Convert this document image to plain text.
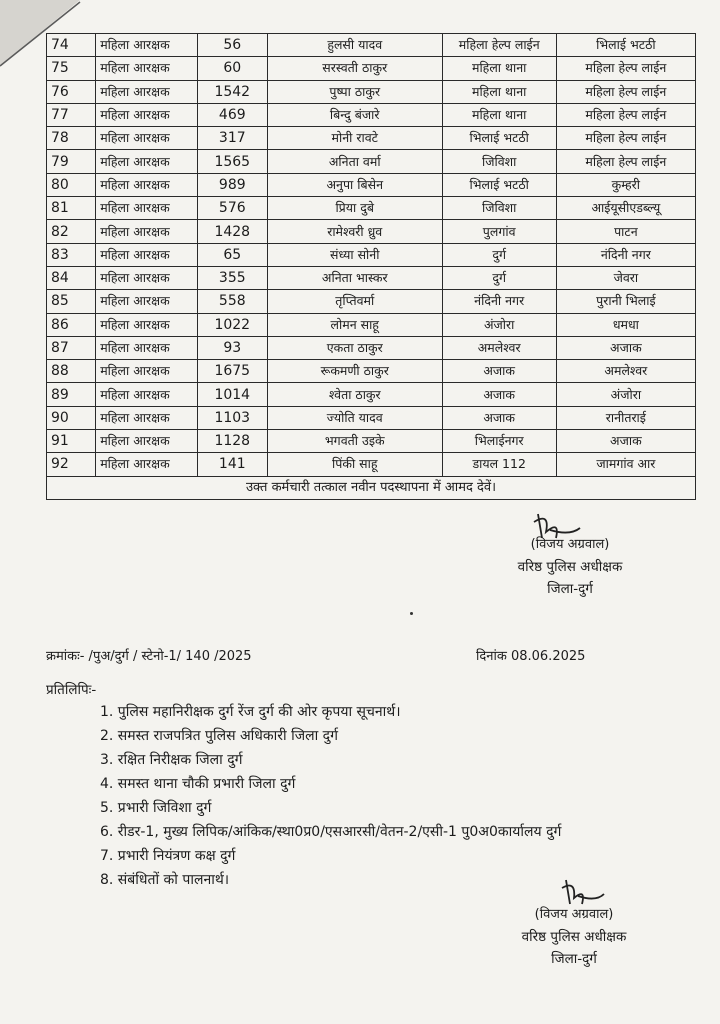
74	महिला आरक्षक	56	हुलसी यादव	महिला हेल्प लाईन	भिलाई भटठी
75	महिला आरक्षक	60	सरस्वती ठाकुर	महिला थाना	महिला हेल्प लाईन
76	महिला आरक्षक	1542	पुष्पा ठाकुर	महिला थाना	महिला हेल्प लाईन
77	महिला आरक्षक	469	बिन्दु बंजारे	महिला थाना	महिला हेल्प लाईन
78	महिला आरक्षक	317	मोनी रावटे	भिलाई भटठी	महिला हेल्प लाईन
79	महिला आरक्षक	1565	अनिता वर्मा	जिविशा	महिला हेल्प लाईन
80	महिला आरक्षक	989	अनुपा बिसेन	भिलाई भटठी	कुम्हरी
81	महिला आरक्षक	576	प्रिया दुबे	जिविशा	आईयूसीएडब्ल्यू
82	महिला आरक्षक	1428	रामेश्वरी ध्रुव	पुलगांव	पाटन
83	महिला आरक्षक	65	संध्या सोनी	दुर्ग	नंदिनी नगर
84	महिला आरक्षक	355	अनिता भास्कर	दुर्ग	जेवरा
85	महिला आरक्षक	558	तृप्तिवर्मा	नंदिनी नगर	पुरानी भिलाई
86	महिला आरक्षक	1022	लोमन साहू	अंजोरा	धमधा
87	महिला आरक्षक	93	एकता ठाकुर	अमलेश्वर	अजाक
88	महिला आरक्षक	1675	रूकमणी ठाकुर	अजाक	अमलेश्वर
89	महिला आरक्षक	1014	श्वेता ठाकुर	अजाक	अंजोरा
90	महिला आरक्षक	1103	ज्योति यादव	अजाक	रानीतराई
91	महिला आरक्षक	1128	भगवती उइके	भिलाईनगर	अजाक
92	महिला आरक्षक	141	पिंकी साहू	डायल 112	जामगांव आर
उक्त कर्मचारी तत्काल नवीन पदस्थापना में आमद देवें।					
(विजय अग्रवाल)
वरिष्ठ पुलिस अधीक्षक
जिला-दुर्ग
क्रमांकः- /पुअ/दुर्ग / स्टेनो-1/ 140 /2025	दिनांक 08.06.2025
प्रतिलिपिः-
1. पुलिस महानिरीक्षक दुर्ग रेंज दुर्ग की ओर कृपया सूचनार्थ।
2. समस्त राजपत्रित पुलिस अधिकारी जिला दुर्ग
3. रक्षित निरीक्षक जिला दुर्ग
4. समस्त थाना चौकी प्रभारी जिला दुर्ग
5. प्रभारी जिविशा दुर्ग
6. रीडर-1, मुख्य लिपिक/आंकिक/स्था0प्र0/एसआरसी/वेतन-2/एसी-1 पु0अ0कार्यालय दुर्ग
7. प्रभारी नियंत्रण कक्ष दुर्ग
8. संबंधितों को पालनार्थ।
(विजय अग्रवाल)
वरिष्ठ पुलिस अधीक्षक
जिला-दुर्ग
